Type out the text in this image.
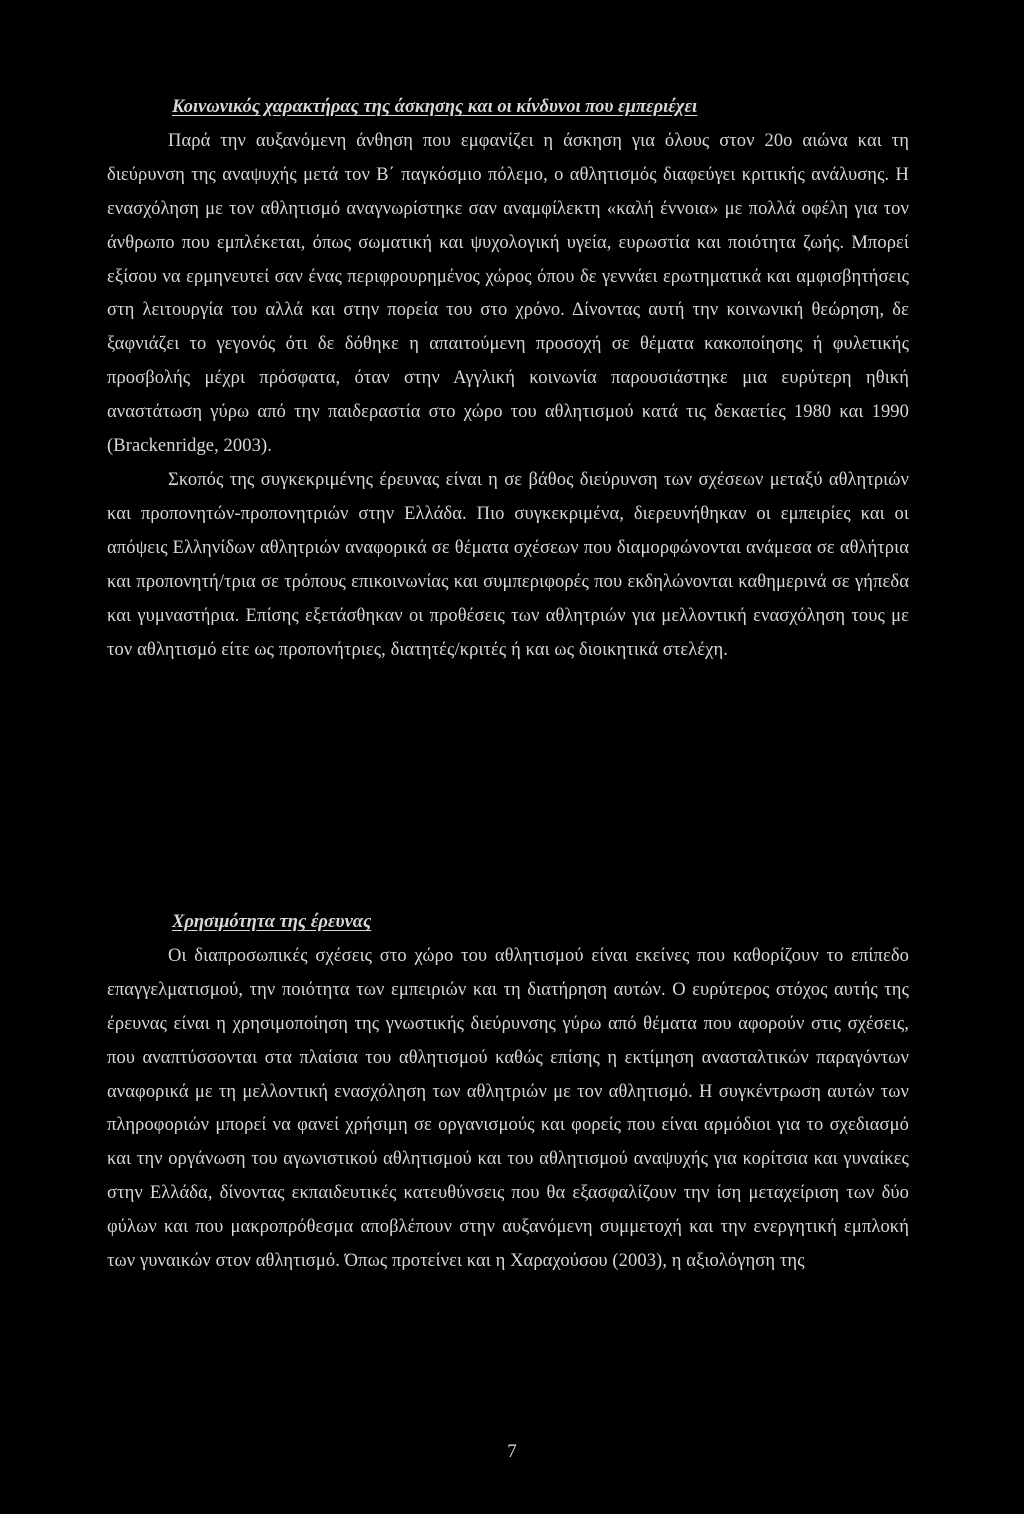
Κοινωνικός χαρακτήρας της άσκησης και οι κίνδυνοι που εμπεριέχει

Παρά την αυξανόμενη άνθηση που εμφανίζει η άσκηση για όλους στον 20ο αιώνα και τη διεύρυνση της αναψυχής μετά τον Β΄ παγκόσμιο πόλεμο, ο αθλητισμός διαφεύγει κριτικής ανάλυσης. Η ενασχόληση με τον αθλητισμό αναγνωρίστηκε σαν αναμφίλεκτη «καλή έννοια» με πολλά οφέλη για τον άνθρωπο που εμπλέκεται, όπως σωματική και ψυχολογική υγεία, ευρωστία και ποιότητα ζωής. Μπορεί εξίσου να ερμηνευτεί σαν ένας περιφρουρημένος χώρος όπου δε γεννάει ερωτηματικά και αμφισβητήσεις στη λειτουργία του αλλά και στην πορεία του στο χρόνο. Δίνοντας αυτή την κοινωνική θεώρηση, δε ξαφνιάζει το γεγονός ότι δε δόθηκε η απαιτούμενη προσοχή σε θέματα κακοποίησης ή φυλετικής προσβολής μέχρι πρόσφατα, όταν στην Αγγλική κοινωνία παρουσιάστηκε μια ευρύτερη ηθική αναστάτωση γύρω από την παιδεραστία στο χώρο του αθλητισμού κατά τις δεκαετίες 1980 και 1990 (Brackenridge, 2003).

Σκοπός της συγκεκριμένης έρευνας είναι η σε βάθος διεύρυνση των σχέσεων μεταξύ αθλητριών και προπονητών-προπονητριών στην Ελλάδα. Πιο συγκεκριμένα, διερευνήθηκαν οι εμπειρίες και οι απόψεις Ελληνίδων αθλητριών αναφορικά σε θέματα σχέσεων που διαμορφώνονται ανάμεσα σε αθλήτρια και προπονητή/τρια σε τρόπους επικοινωνίας και συμπεριφορές που εκδηλώνονται καθημερινά σε γήπεδα και γυμναστήρια. Επίσης εξετάσθηκαν οι προθέσεις των αθλητριών για μελλοντική ενασχόληση τους με τον αθλητισμό είτε ως προπονήτριες, διατητές/κριτές ή και ως διοικητικά στελέχη.

Χρησιμότητα της έρευνας

Οι διαπροσωπικές σχέσεις στο χώρο του αθλητισμού είναι εκείνες που καθορίζουν το επίπεδο επαγγελματισμού, την ποιότητα των εμπειριών και τη διατήρηση αυτών. Ο ευρύτερος στόχος αυτής της έρευνας είναι η χρησιμοποίηση της γνωστικής διεύρυνσης γύρω από θέματα που αφορούν στις σχέσεις, που αναπτύσσονται στα πλαίσια του αθλητισμού καθώς επίσης η εκτίμηση ανασταλτικών παραγόντων αναφορικά με τη μελλοντική ενασχόληση των αθλητριών με τον αθλητισμό. Η συγκέντρωση αυτών των πληροφοριών μπορεί να φανεί χρήσιμη σε οργανισμούς και φορείς που είναι αρμόδιοι για το σχεδιασμό και την οργάνωση του αγωνιστικού αθλητισμού και του αθλητισμού αναψυχής για κορίτσια και γυναίκες στην Ελλάδα, δίνοντας εκπαιδευτικές κατευθύνσεις που θα εξασφαλίζουν την ίση μεταχείριση των δύο φύλων και που μακροπρόθεσμα αποβλέπουν στην αυξανόμενη συμμετοχή και την ενεργητική εμπλοκή των γυναικών στον αθλητισμό. Όπως προτείνει και η Χαραχούσου (2003), η αξιολόγηση της

7
